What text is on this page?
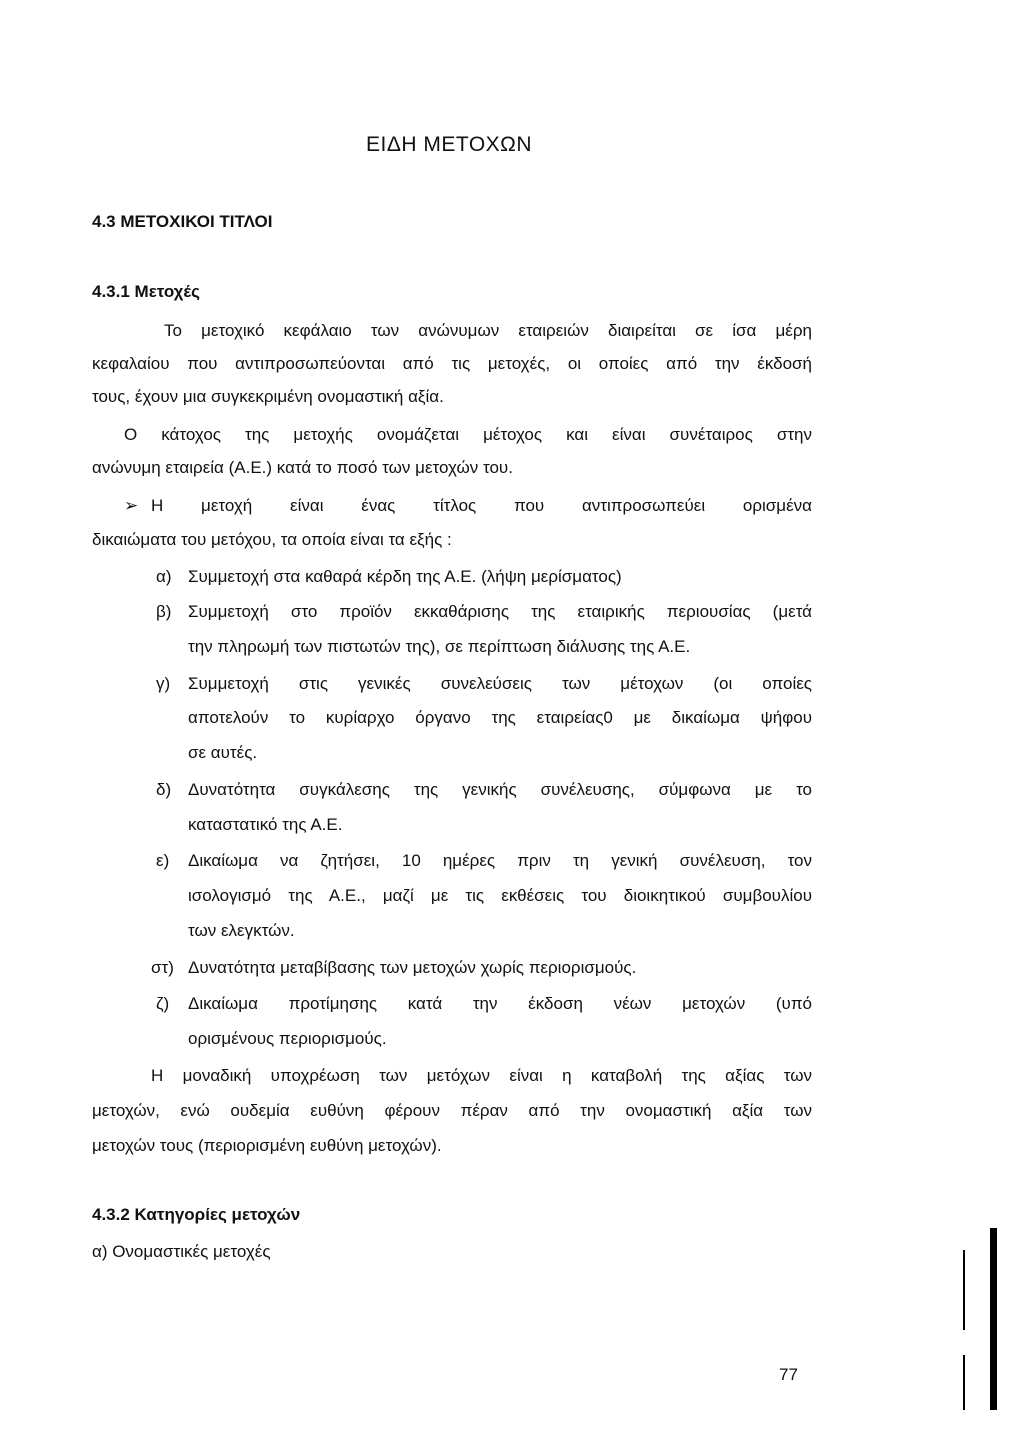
ΕΙΔΗ ΜΕΤΟΧΩΝ
4.3 ΜΕΤΟΧΙΚΟΙ ΤΙΤΛΟΙ
4.3.1 Μετοχές
Το μετοχικό κεφάλαιο των ανώνυμων εταιρειών διαιρείται σε ίσα μέρη
κεφαλαίου που αντιπροσωπεύονται από τις μετοχές, οι οποίες από την έκδοσή
τους, έχουν μια συγκεκριμένη ονομαστική αξία.
Ο κάτοχος της μετοχής ονομάζεται μέτοχος και είναι συνέταιρος στην
ανώνυμη εταιρεία (Α.Ε.) κατά το ποσό των μετοχών του.
➢ Η μετοχή είναι ένας τίτλος που αντιπροσωπεύει ορισμένα
δικαιώματα του μετόχου, τα οποία είναι τα εξής :
α) Συμμετοχή στα καθαρά κέρδη της Α.Ε. (λήψη μερίσματος)
β) Συμμετοχή στο προϊόν εκκαθάρισης της εταιρικής περιουσίας (μετά
την πληρωμή των πιστωτών της), σε περίπτωση διάλυσης της Α.Ε.
γ) Συμμετοχή στις γενικές συνελεύσεις των μέτοχων (οι οποίες
αποτελούν το κυρίαρχο όργανο της εταιρείας0 με δικαίωμα ψήφου
σε αυτές.
δ) Δυνατότητα συγκάλεσης της γενικής συνέλευσης, σύμφωνα με το
καταστατικό της Α.Ε.
ε) Δικαίωμα να ζητήσει, 10 ημέρες πριν τη γενική συνέλευση, τον
ισολογισμό της Α.Ε., μαζί με τις εκθέσεις του διοικητικού συμβουλίου
των ελεγκτών.
στ) Δυνατότητα μεταβίβασης των μετοχών χωρίς περιορισμούς.
ζ) Δικαίωμα προτίμησης κατά την έκδοση νέων μετοχών (υπό
ορισμένους περιορισμούς.
Η μοναδική υποχρέωση των μετόχων είναι η καταβολή της αξίας των
μετοχών, ενώ ουδεμία ευθύνη φέρουν πέραν από την ονομαστική αξία των
μετοχών τους (περιορισμένη ευθύνη μετοχών).
4.3.2 Κατηγορίες μετοχών
α) Ονομαστικές μετοχές
77
